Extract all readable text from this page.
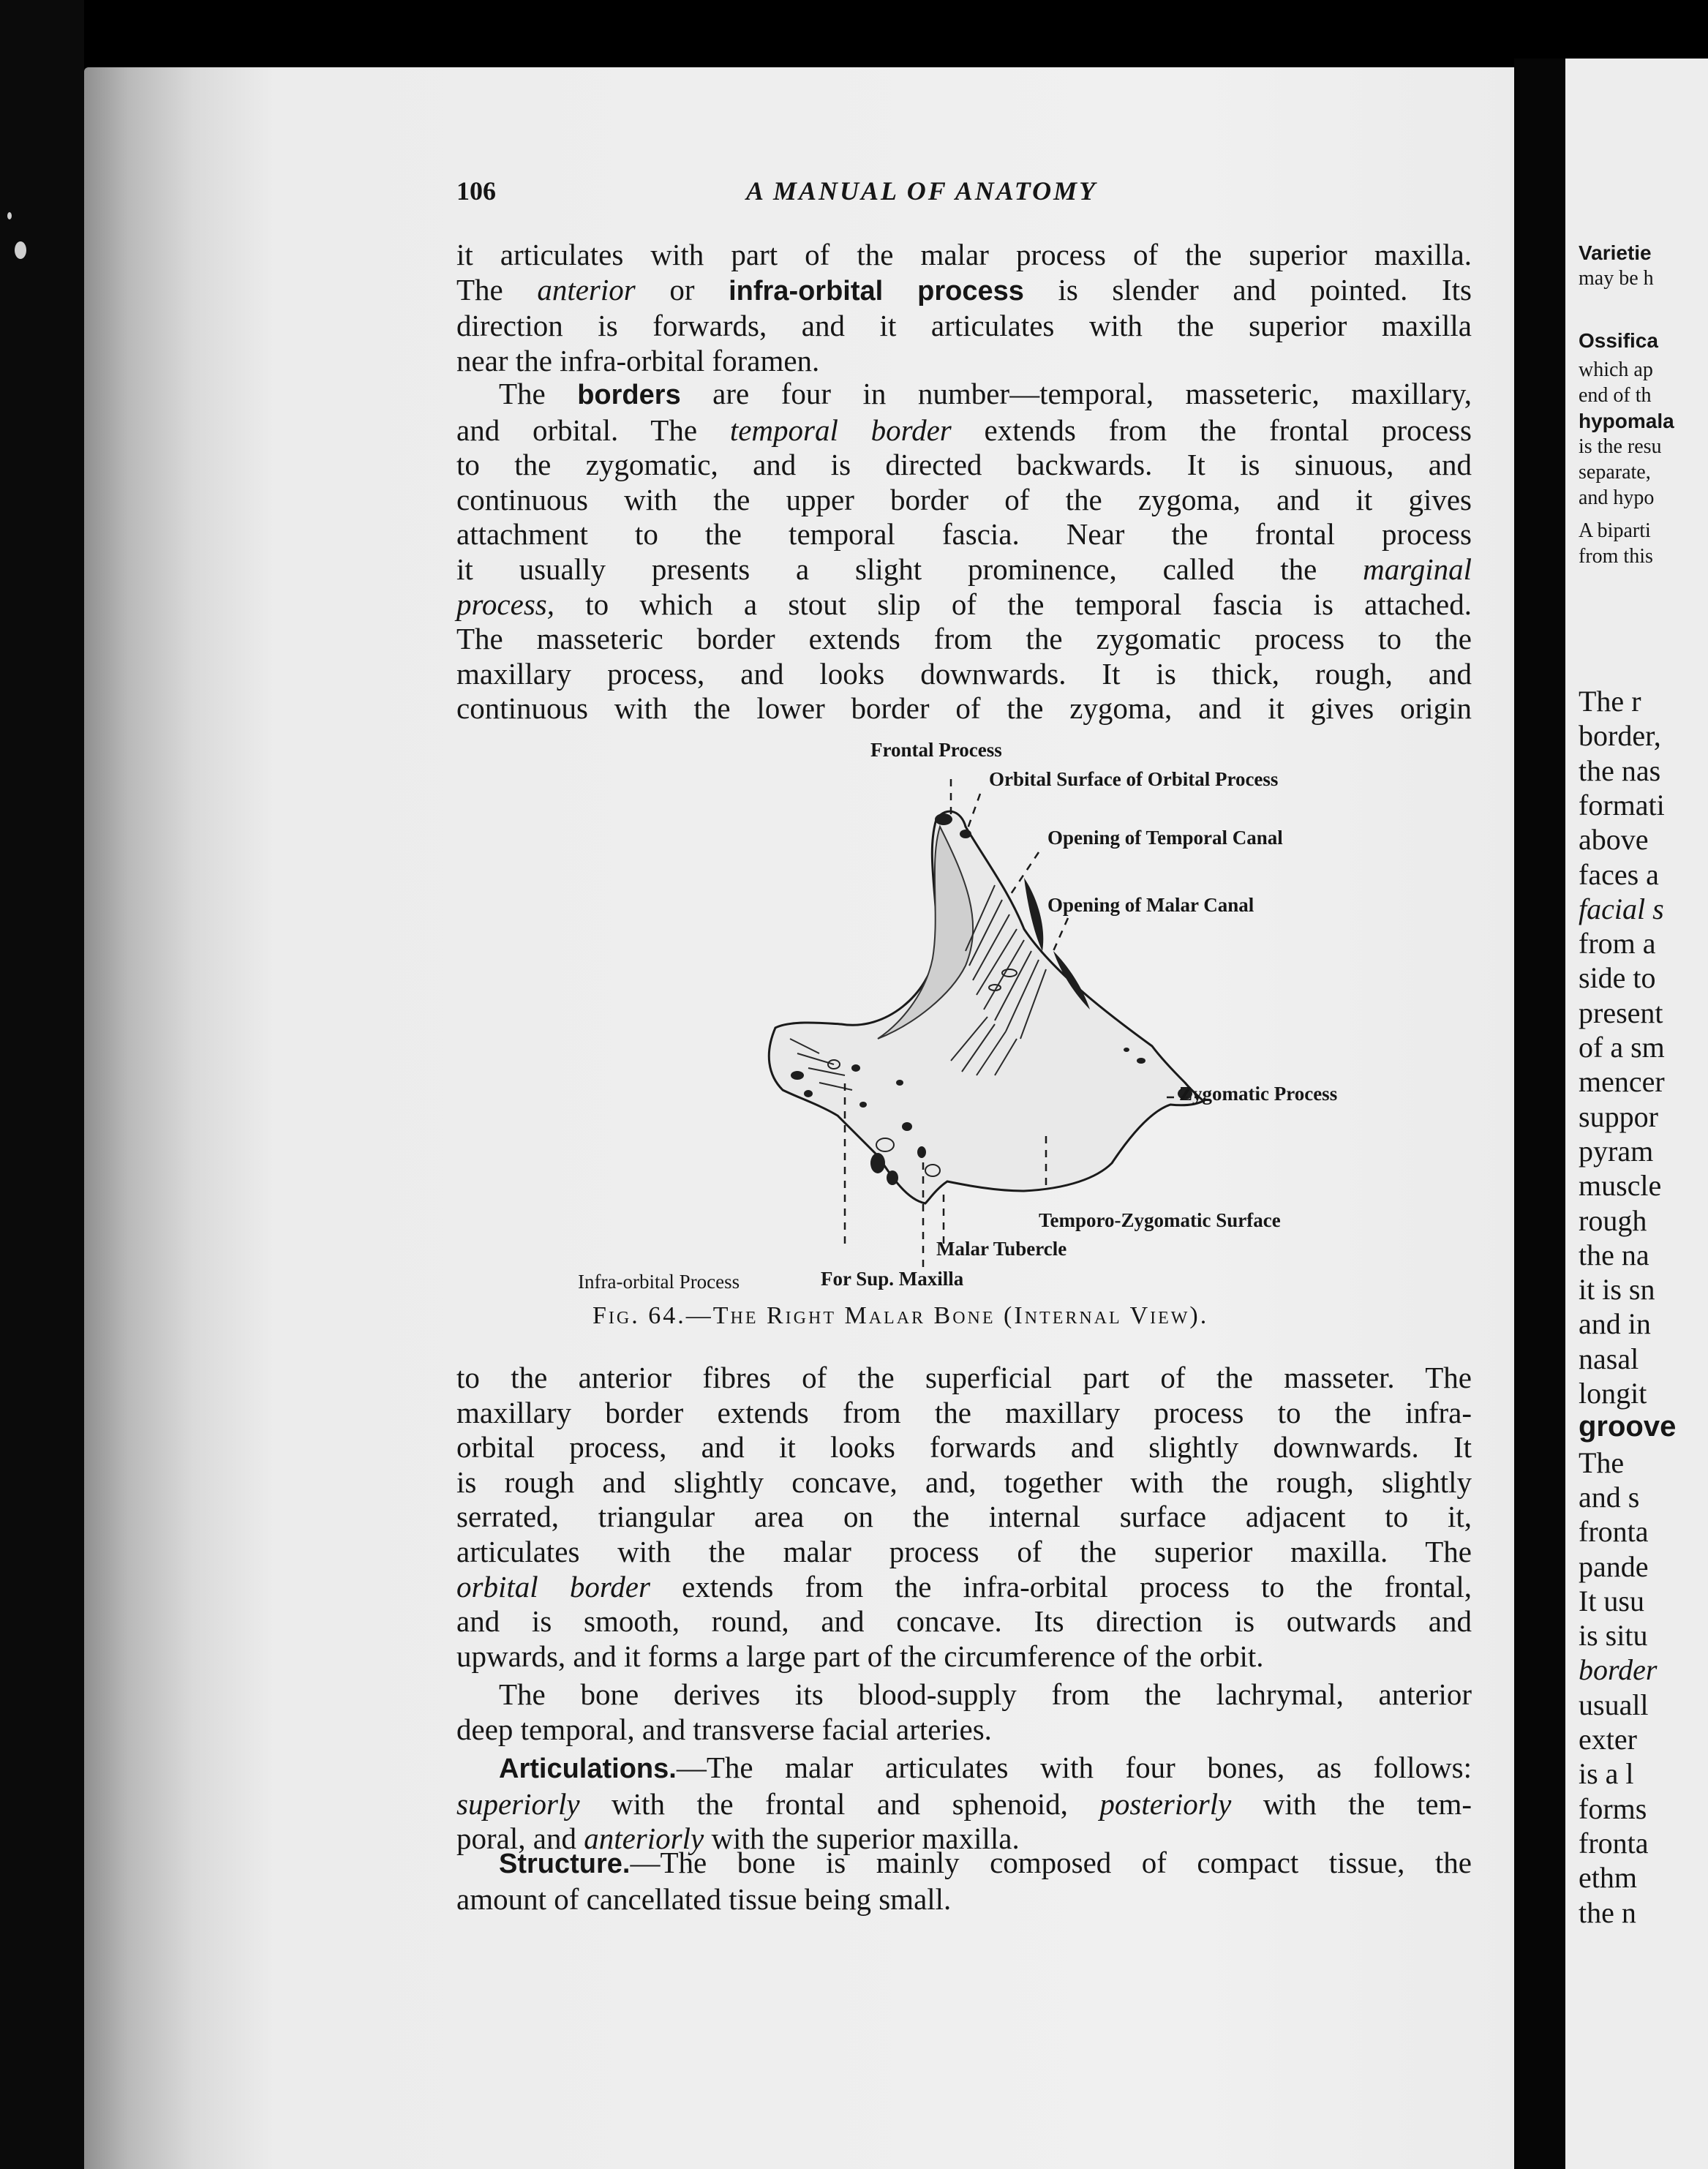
106	A MANUAL OF ANATOMY

it articulates with part of the malar process of the superior maxilla.
The anterior or infra-orbital process is slender and pointed. Its
direction is forwards, and it articulates with the superior maxilla
near the infra-orbital foramen.

The borders are four in number—temporal, masseteric, maxillary,
and orbital. The temporal border extends from the frontal process
to the zygomatic, and is directed backwards. It is sinuous, and
continuous with the upper border of the zygoma, and it gives
attachment to the temporal fascia. Near the frontal process
it usually presents a slight prominence, called the marginal
process, to which a stout slip of the temporal fascia is attached.
The masseteric border extends from the zygomatic process to the
maxillary process, and looks downwards. It is thick, rough, and
continuous with the lower border of the zygoma, and it gives origin

Frontal Process
Orbital Surface of Orbital Process
Opening of Temporal Canal
Opening of Malar Canal
Zygomatic Process
Temporo-Zygomatic Surface
Malar Tubercle
Infra-orbital Process	For Sup. Maxilla
Fig. 64.—The Right Malar Bone (Internal View).

to the anterior fibres of the superficial part of the masseter. The
maxillary border extends from the maxillary process to the infra-
orbital process, and it looks forwards and slightly downwards. It
is rough and slightly concave, and, together with the rough, slightly
serrated, triangular area on the internal surface adjacent to it,
articulates with the malar process of the superior maxilla. The
orbital border extends from the infra-orbital process to the frontal,
and is smooth, round, and concave. Its direction is outwards and
upwards, and it forms a large part of the circumference of the orbit.

The bone derives its blood-supply from the lachrymal, anterior
deep temporal, and transverse facial arteries.

Articulations.—The malar articulates with four bones, as follows:
superiorly with the frontal and sphenoid, posteriorly with the tem-
poral, and anteriorly with the superior maxilla.

Structure.—The bone is mainly composed of compact tissue, the
amount of cancellated tissue being small.

Varietie
may be h
Ossifica
which ap
end of th
hypomala
is the resu
separate,
and hypo
A biparti
from this
The r
border,
the nas
formati
above
faces a
facial s
from a
side to
present
of a sm
mencer
suppor
pyram
muscle
rough
the na
it is sn
and in
nasal
longit
groove
The
and s
fronta
pande
It usu
is situ
border
usuall
exter
is a l
forms
fronta
ethm
the n
